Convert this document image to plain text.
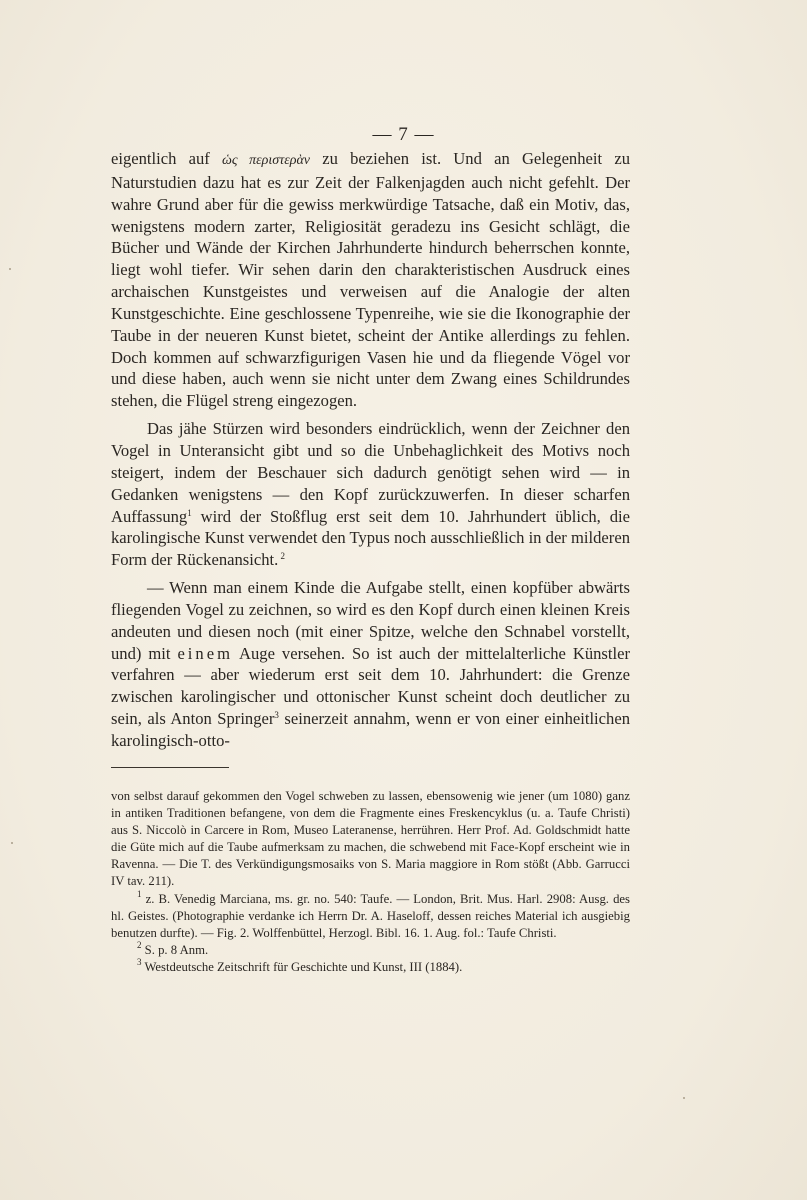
— 7 —

eigentlich auf ὡς περιστερὰν zu beziehen ist. Und an Gelegenheit zu Naturstudien dazu hat es zur Zeit der Falkenjagden auch nicht gefehlt. Der wahre Grund aber für die gewiss merkwürdige Tatsache, daß ein Motiv, das, wenigstens modern zarter, Religiosität geradezu ins Gesicht schlägt, die Bücher und Wände der Kirchen Jahrhunderte hindurch beherrschen konnte, liegt wohl tiefer. Wir sehen darin den charakteristischen Ausdruck eines archaischen Kunstgeistes und verweisen auf die Analogie der alten Kunstgeschichte. Eine geschlossene Typenreihe, wie sie die Ikonographie der Taube in der neueren Kunst bietet, scheint der Antike allerdings zu fehlen. Doch kommen auf schwarzfigurigen Vasen hie und da fliegende Vögel vor und diese haben, auch wenn sie nicht unter dem Zwang eines Schildrundes stehen, die Flügel streng eingezogen.

Das jähe Stürzen wird besonders eindrücklich, wenn der Zeichner den Vogel in Unteransicht gibt und so die Unbehaglichkeit des Motivs noch steigert, indem der Beschauer sich dadurch genötigt sehen wird — in Gedanken wenigstens — den Kopf zurückzuwerfen. In dieser scharfen Auffassung$^1$ wird der Stoßflug erst seit dem 10. Jahrhundert üblich, die karolingische Kunst verwendet den Typus noch ausschließlich in der milderen Form der Rückenansicht. $^2$

— Wenn man einem Kinde die Aufgabe stellt, einen kopfüber abwärts fliegenden Vogel zu zeichnen, so wird es den Kopf durch einen kleinen Kreis andeuten und diesen noch (mit einer Spitze, welche den Schnabel vorstellt, und) mit einem Auge versehen. So ist auch der mittelalterliche Künstler verfahren — aber wiederum erst seit dem 10. Jahrhundert: die Grenze zwischen karolingischer und ottonischer Kunst scheint doch deutlicher zu sein, als Anton Springer$^3$ seinerzeit annahm, wenn er von einer einheitlichen karolingisch-otto-

von selbst darauf gekommen den Vogel schweben zu lassen, ebensowenig wie jener (um 1080) ganz in antiken Traditionen befangene, von dem die Fragmente eines Freskencyklus (u. a. Taufe Christi) aus S. Niccolò in Carcere in Rom, Museo Lateranense, herrühren. Herr Prof. Ad. Goldschmidt hatte die Güte mich auf die Taube aufmerksam zu machen, die schwebend mit Face-Kopf erscheint wie in Ravenna. — Die T. des Verkündigungsmosaiks von S. Maria maggiore in Rom stößt (Abb. Garrucci IV tav. 211).

$^1$ z. B. Venedig Marciana, ms. gr. no. 540: Taufe. — London, Brit. Mus. Harl. 2908: Ausg. des hl. Geistes. (Photographie verdanke ich Herrn Dr. A. Haseloff, dessen reiches Material ich ausgiebig benutzen durfte). — Fig. 2. Wolffenbüttel, Herzogl. Bibl. 16. 1. Aug. fol.: Taufe Christi.

$^2$ S. p. 8 Anm.

$^3$ Westdeutsche Zeitschrift für Geschichte und Kunst, III (1884).
